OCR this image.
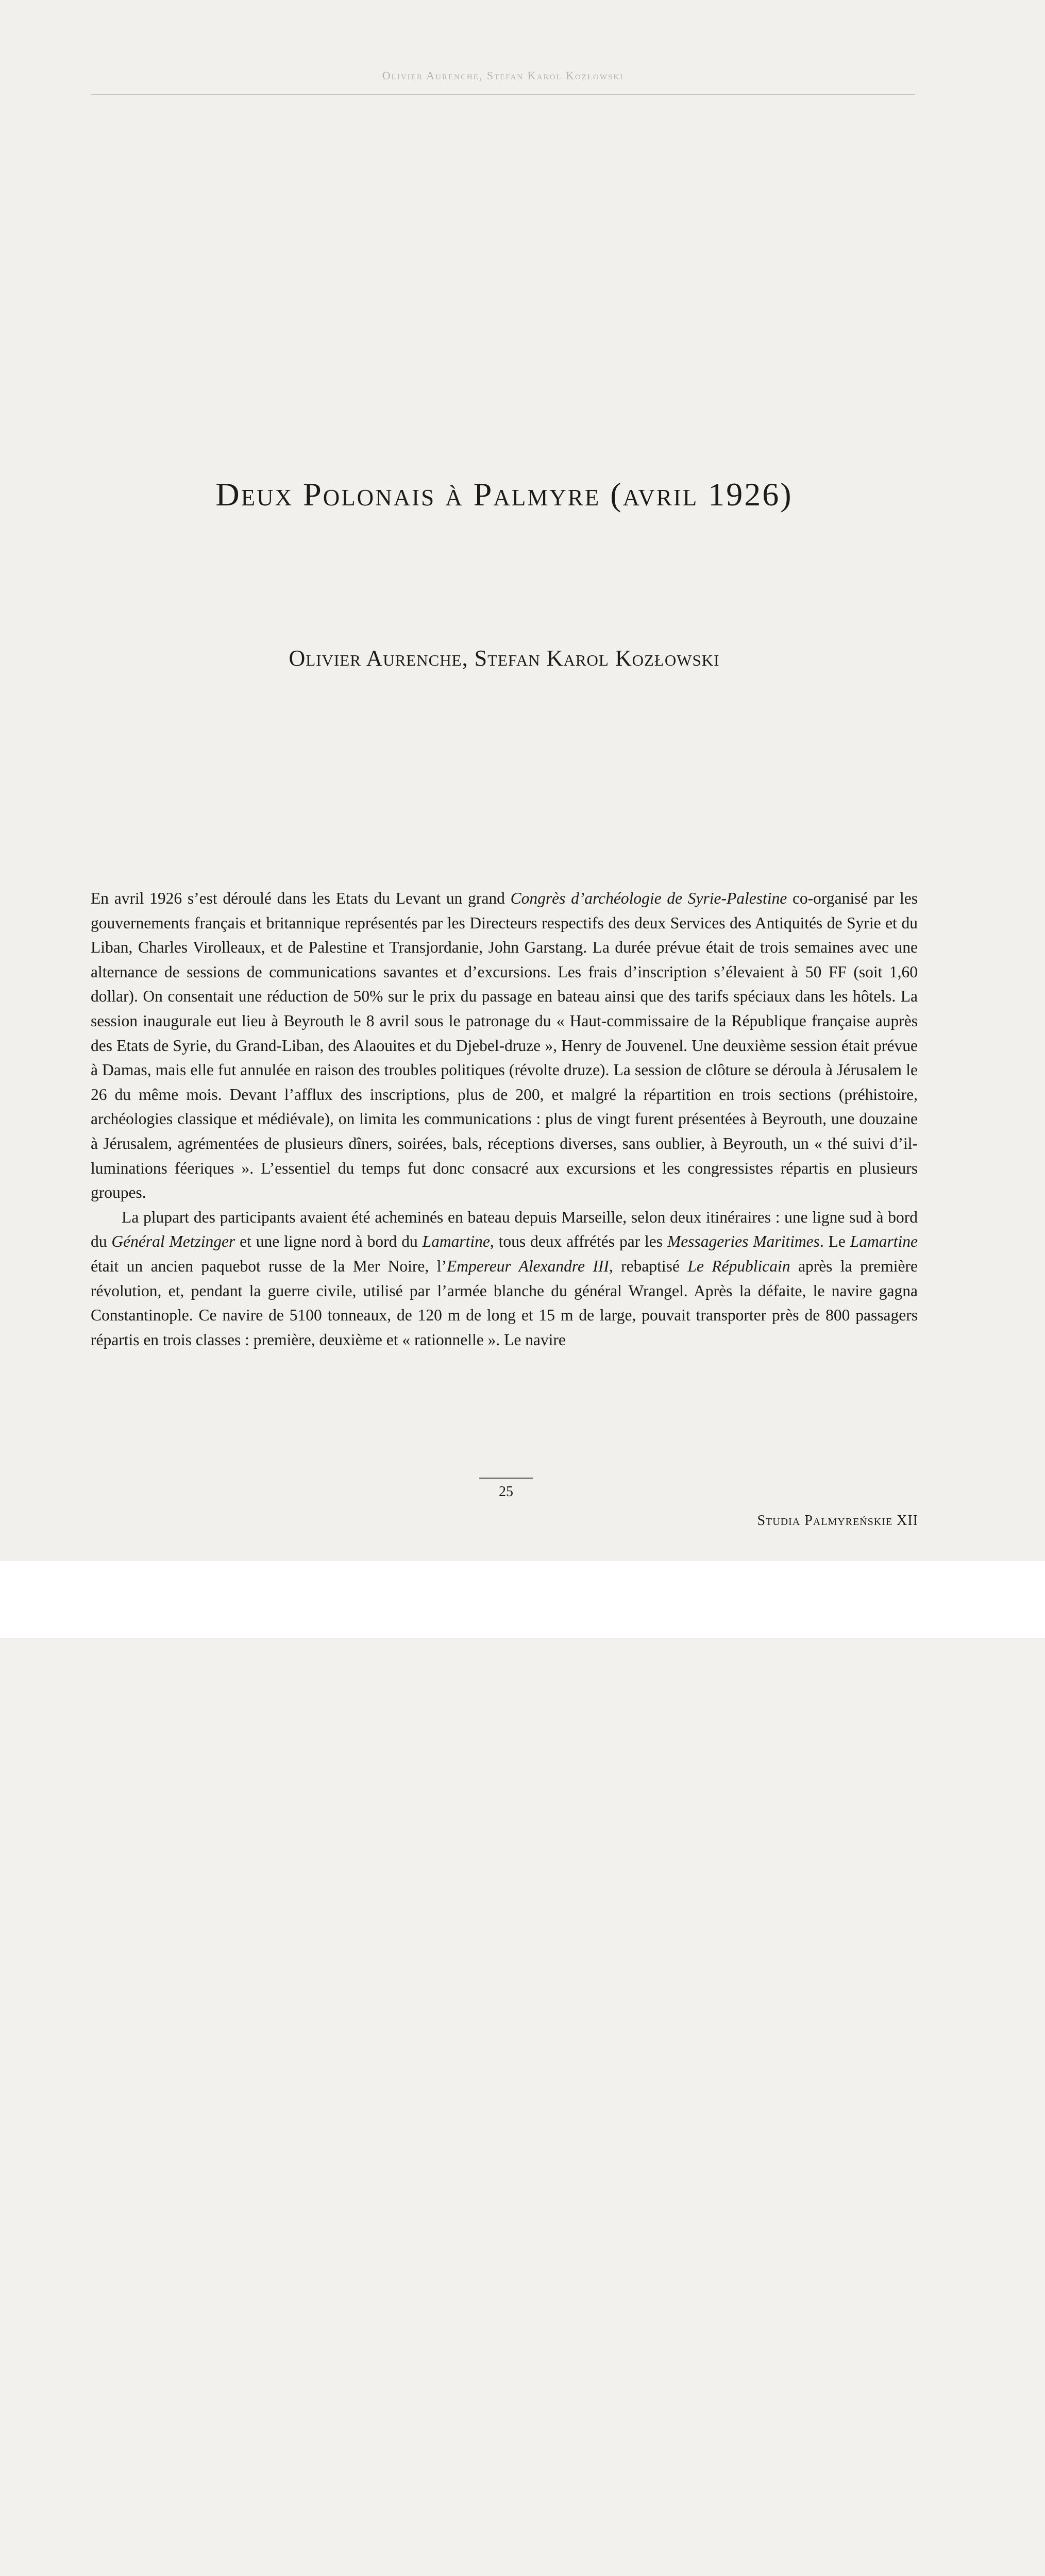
Olivier Aurenche, Stefan Karol Kozłowski
Deux Polonais à Palmyre (avril 1926)
Olivier Aurenche, Stefan Karol Kozłowski

En avril 1926 s’est déroulé dans les Etats du Levant un grand Congrès d’archéologie de Syrie-Palestine co-organisé par les gouvernements français et britannique représentés par les Directeurs respectifs des deux Services des Antiquités de Syrie et du Liban, Charles Virolleaux, et de Palestine et Transjordanie, John Garstang. La durée prévue était de trois semaines avec une alternance de sessions de communications savantes et d’excursions. Les frais d’inscription s’élevaient à 50 FF (soit 1,60 dollar). On consentait une réduction de 50% sur le prix du passage en bateau ainsi que des tarifs spéciaux dans les hôtels. La session inaugurale eut lieu à Beyrouth le 8 avril sous le patronage du « Haut-commissaire de la République française auprès des Etats de Syrie, du Grand-Liban, des Alaouites et du Djebel-druze », Henry de Jouvenel. Une deuxième session était prévue à Damas, mais elle fut annulée en raison des troubles politiques (révolte druze). La session de clôture se déroula à Jérusalem le 26 du même mois. Devant l’afflux des inscriptions, plus de 200, et malgré la répartition en trois sections (préhistoire, archéologies classique et médiévale), on limita les communications : plus de vingt furent présentées à Beyrouth, une douzaine à Jérusalem, agrémentées de plusieurs dîners, soirées, bals, réceptions diverses, sans oublier, à Beyrouth, un « thé suivi d’illuminations féeriques ». L’essentiel du temps fut donc consacré aux excursions et les congressistes répartis en plusieurs groupes.

La plupart des participants avaient été acheminés en bateau depuis Marseille, selon deux itinéraires : une ligne sud à bord du Général Metzinger et une ligne nord à bord du Lamartine, tous deux affrétés par les Messageries Maritimes. Le Lamartine était un ancien paquebot russe de la Mer Noire, l’Empereur Alexandre III, rebaptisé Le Républicain après la première révolution, et, pendant la guerre civile, utilisé par l’armée blanche du général Wrangel. Après la défaite, le navire gagna Constantinople. Ce navire de 5100 tonneaux, de 120 m de long et 15 m de large, pouvait transporter près de 800 passagers répartis en trois classes : première, deuxième et « rationnelle ». Le navire

25
Studia Palmyreńskie XII
